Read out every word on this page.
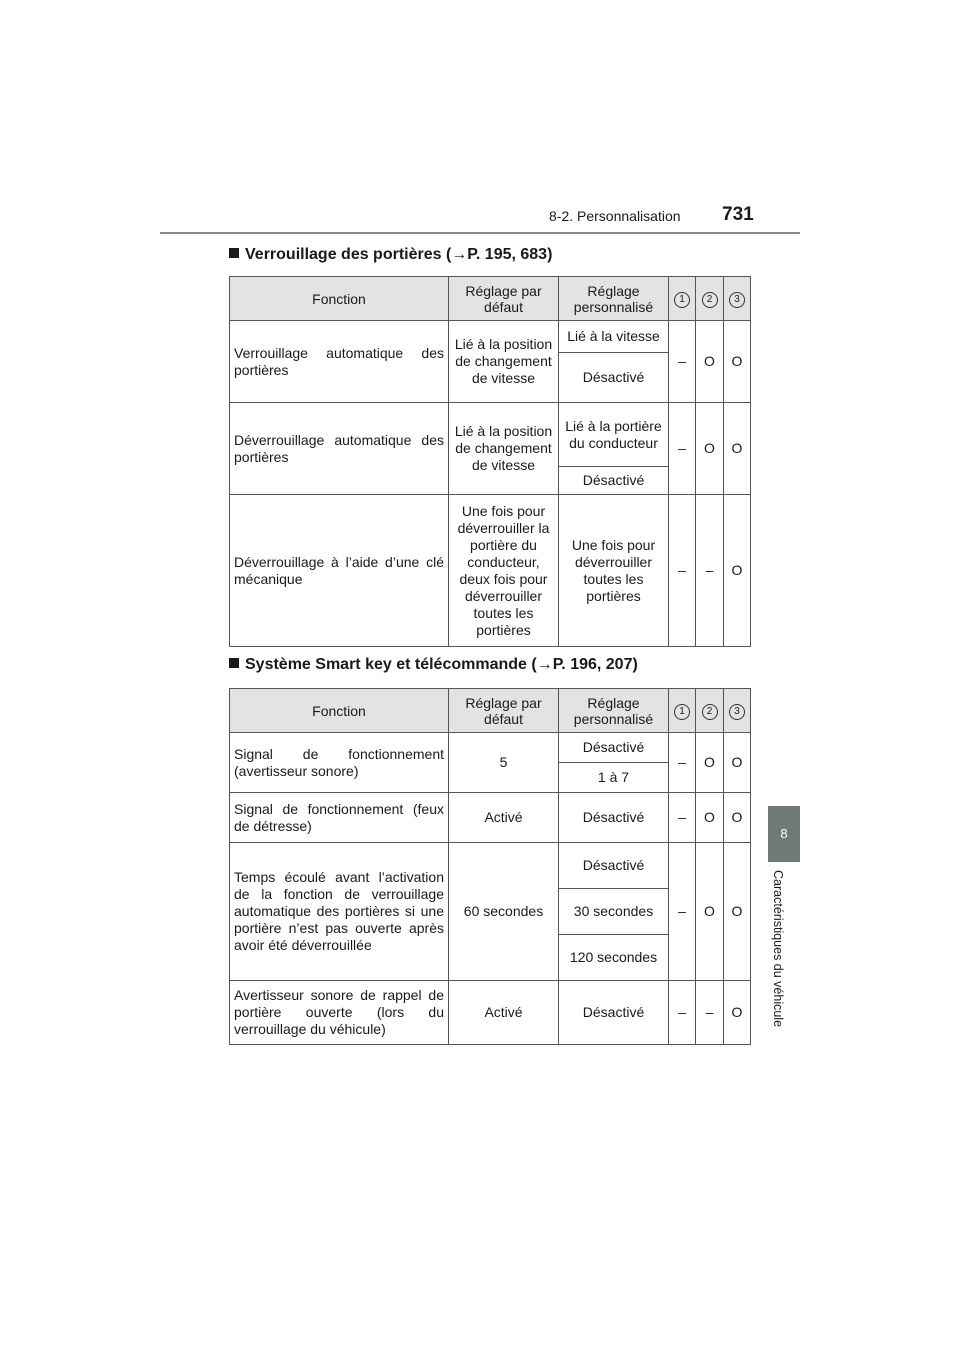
8-2. Personnalisation 731
8
Caractéristiques du véhicule
Verrouillage des portières (→P. 195, 683)
Fonction	Réglage par défaut	Réglage personnalisé	1	2	3
Verrouillage automatique des portières	Lié à la position de changement de vitesse	Lié à la vitesse	–	O	O
		Désactivé			
Déverrouillage automatique des portières	Lié à la position de changement de vitesse	Lié à la portière du conducteur	–	O	O
		Désactivé			
Déverrouillage à l’aide d’une clé mécanique	Une fois pour déverrouiller la portière du conducteur, deux fois pour déverrouiller toutes les portières	Une fois pour déverrouiller toutes les portières	–	–	O
Système Smart key et télécommande (→P. 196, 207)
Fonction	Réglage par défaut	Réglage personnalisé	1	2	3
Signal de fonctionnement (avertisseur sonore)	5	Désactivé	–	O	O
		1 à 7			
Signal de fonctionnement (feux de détresse)	Activé	Désactivé	–	O	O
Temps écoulé avant l’activation de la fonction de verrouillage automatique des portières si une portière n’est pas ouverte après avoir été déverrouillée	60 secondes	Désactivé	–	O	O
		30 secondes			
		120 secondes			
Avertisseur sonore de rappel de portière ouverte (lors du verrouillage du véhicule)	Activé	Désactivé	–	–	O
